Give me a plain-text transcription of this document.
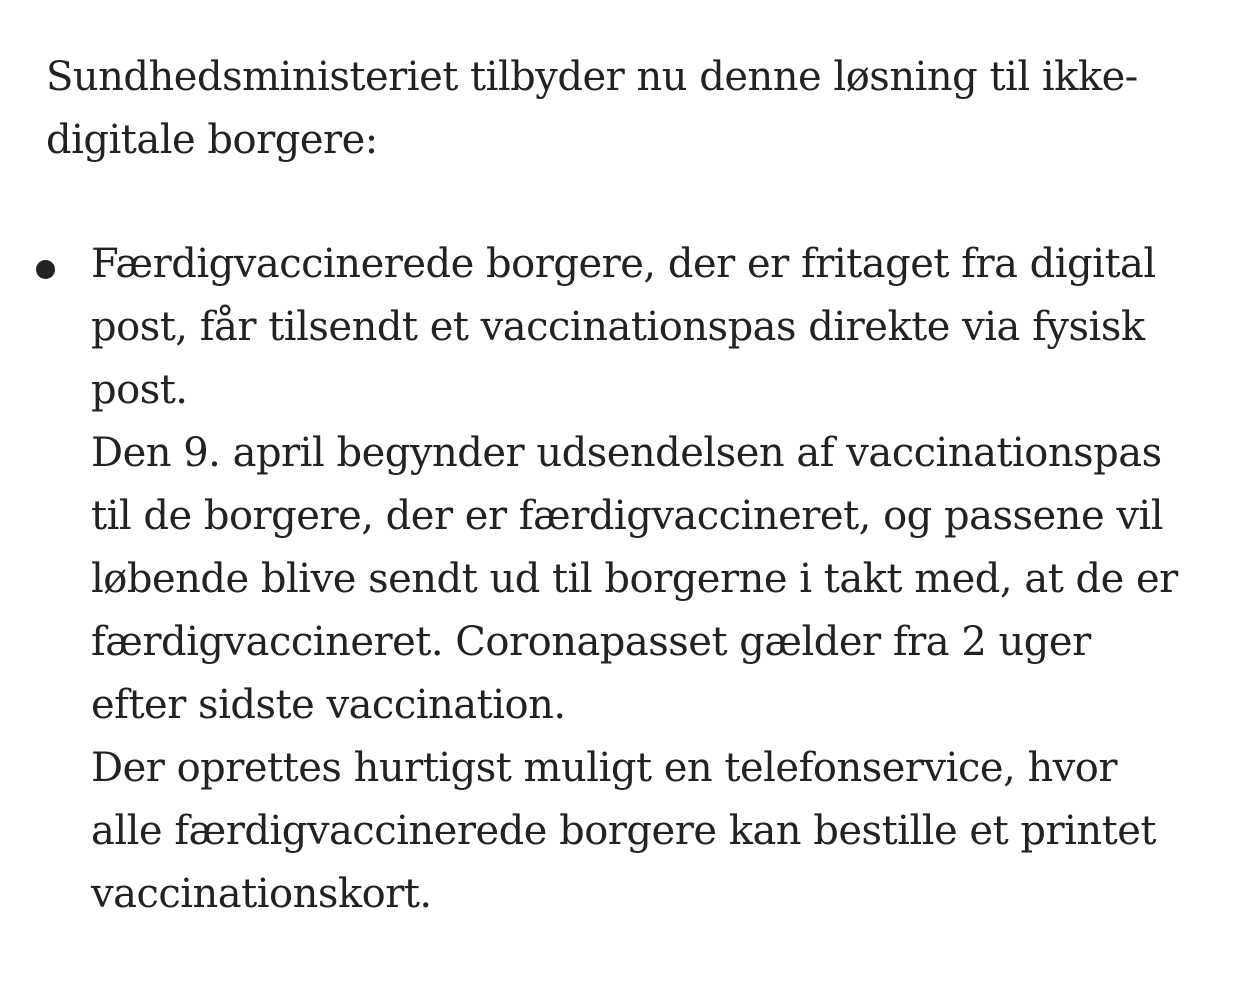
Sundhedsministeriet tilbyder nu denne løsning til ikke-digitale borgere:

Færdigvaccinerede borgere, der er fritaget fra digital post, får tilsendt et vaccinationspas direkte via fysisk post.

Den 9. april begynder udsendelsen af vaccinationspas til de borgere, der er færdigvaccineret, og passene vil løbende blive sendt ud til borgerne i takt med, at de er færdigvaccineret. Coronapasset gælder fra 2 uger efter sidste vaccination.

Der oprettes hurtigst muligt en telefonservice, hvor alle færdigvaccinerede borgere kan bestille et printet vaccinationskort.
